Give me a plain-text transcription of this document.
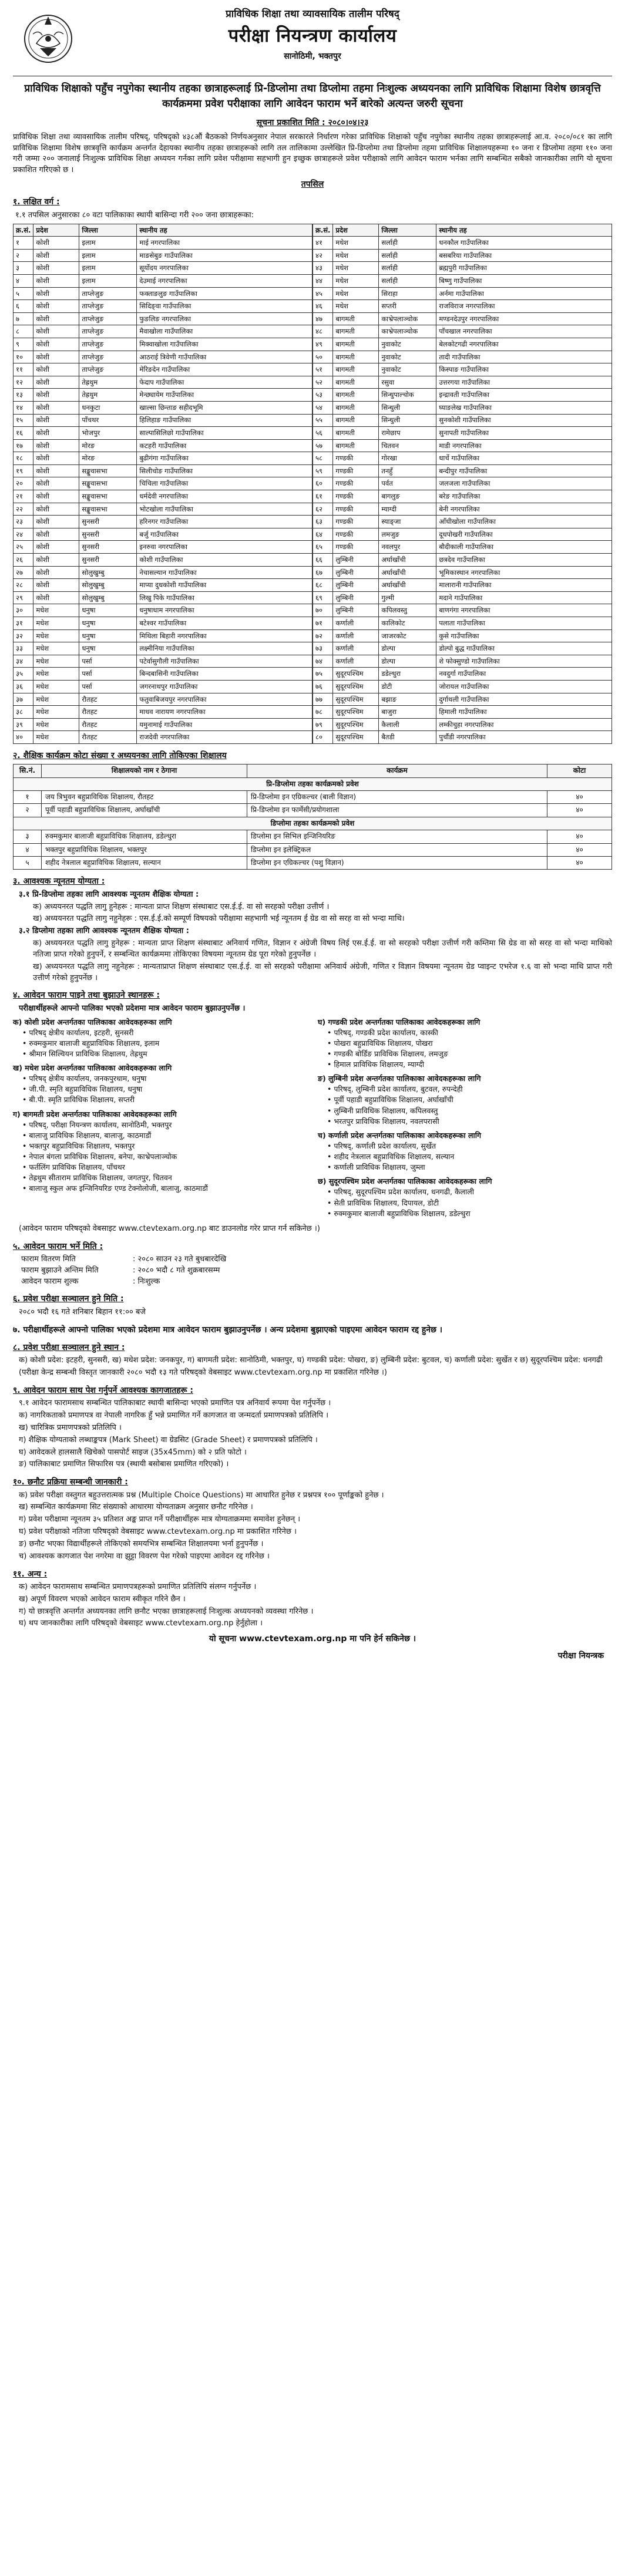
प्राविधिक शिक्षा तथा व्यावसायिक तालीम परिषद्
परीक्षा नियन्त्रण कार्यालय
सानोठिमी, भक्तपुर
प्राविधिक शिक्षाको पहुँच नपुगेका स्थानीय तहका छात्राहरूलाई प्रि-डिप्लोमा तथा डिप्लोमा तहमा निःशुल्क अध्ययनका लागि प्राविधिक शिक्षामा विशेष छात्रवृत्ति कार्यक्रममा प्रवेश परीक्षाका लागि आवेदन फाराम भर्ने बारेको अत्यन्त जरुरी सूचना
सूचना प्रकाशित मिति : २०८०।०४।२३

प्राविधिक शिक्षा तथा व्यावसायिक तालीम परिषद्, परिषद्को ४३८औं बैठकको निर्णयअनुसार नेपाल सरकारले निर्धारण गरेका प्राविधिक शिक्षाको पहुँच नपुगेका स्थानीय तहका छात्राहरूलाई आ.व. २०८०/०८१ का लागि प्राविधिक शिक्षामा विशेष छात्रवृत्ति कार्यक्रम अन्तर्गत देहायका स्थानीय तहका छात्राहरूको लागि तल तालिकामा उल्लेखित प्रि-डिप्लोमा तथा डिप्लोमा तहमा प्राविधिक शिक्षालयहरूमा १० जना र डिप्लोमा तहमा ११० जना गरी जम्मा २०० जनालाई निःशुल्क प्राविधिक शिक्षा अध्ययन गर्नका लागि प्रवेश परीक्षामा सहभागी हुन इच्छुक छात्राहरूले प्रवेश परीक्षाको लागि आवेदन फाराम भर्नका लागि सम्बन्धित सबैको जानकारीका लागि यो सूचना प्रकाशित गरिएको छ ।

तपसिल
१. लक्षित वर्ग :
१.१ तपसिल अनुसारका ८० वटा पालिकाका स्थायी बासिन्दा गरी २०० जना छात्राहरूका:
क्र.सं.	प्रदेश	जिल्ला	स्थानीय तह
१	कोशी	इलाम	माई नगरपालिका
२	कोशी	इलाम	माङसेबुङ गाउँपालिका
३	कोशी	इलाम	सूर्योदय नगरपालिका
४	कोशी	इलाम	देउमाई नगरपालिका
५	कोशी	ताप्लेजुङ	फक्ताङलुङ गाउँपालिका
६	कोशी	ताप्लेजुङ	सिदिङ्वा गाउँपालिका
७	कोशी	ताप्लेजुङ	फुङलिङ नगरपालिका
८	कोशी	ताप्लेजुङ	मैवाखोला गाउँपालिका
९	कोशी	ताप्लेजुङ	मिक्वाखोला गाउँपालिका
१०	कोशी	ताप्लेजुङ	आठराई त्रिवेणी गाउँपालिका
११	कोशी	ताप्लेजुङ	मेरिङदेन गाउँपालिका
१२	कोशी	तेह्रथुम	फेदाप गाउँपालिका
१३	कोशी	तेह्रथुम	मेन्छ्यायेम गाउँपालिका
१४	कोशी	धनकुटा	खाल्सा छिन्ताङ सहीदभूमि
१५	कोशी	पाँचथर	हिलिहाङ गाउँपालिका
१६	कोशी	भोजपुर	साल्पासिलिछो गाउँपालिका
१७	कोशी	मोरङ	कटहरी गाउँपालिका
१८	कोशी	मोरङ	बुढीगंगा गाउँपालिका
१९	कोशी	सङ्खुवासभा	सिलीचोङ गाउँपालिका
२०	कोशी	सङ्खुवासभा	चिचिला गाउँपालिका
२१	कोशी	सङ्खुवासभा	धर्मदेवी नगरपालिका
२२	कोशी	सङ्खुवासभा	भोटखोला गाउँपालिका
२३	कोशी	सुनसरी	हरिनगर गाउँपालिका
२४	कोशी	सुनसरी	बर्जु गाउँपालिका
२५	कोशी	सुनसरी	इनरुवा नगरपालिका
२६	कोशी	सुनसरी	कोशी गाउँपालिका
२७	कोशी	सोलुखुम्बु	नेचासल्यान गाउँपालिका
२८	कोशी	सोलुखुम्बु	माप्या दुधकोशी गाउँपालिका
२९	कोशी	सोलुखुम्बु	लिखु पिके गाउँपालिका
३०	मधेश	धनुषा	धनुषाधाम नगरपालिका
३१	मधेश	धनुषा	बटेश्वर गाउँपालिका
३२	मधेश	धनुषा	मिथिला बिहारी नगरपालिका
३३	मधेश	धनुषा	लक्ष्मीनिया गाउँपालिका
३४	मधेश	पर्सा	पटेर्वासुगौली गाउँपालिका
३५	मधेश	पर्सा	बिन्दबासिनी गाउँपालिका
३६	मधेश	पर्सा	जगरनाथपुर गाउँपालिका
३७	मधेश	रौतहट	फतुवाबिजयपुर नगरपालिका
३८	मधेश	रौतहट	माधव नारायण नगरपालिका
३९	मधेश	रौतहट	यमुनामाई गाउँपालिका
४०	मधेश	रौतहट	राजदेवी नगरपालिका
क्र.सं.	प्रदेश	जिल्ला	स्थानीय तह
४१	मधेश	सर्लाही	धनकौल गाउँपालिका
४२	मधेश	सर्लाही	बसबरिया गाउँपालिका
४३	मधेश	सर्लाही	ब्रह्मपुरी गाउँपालिका
४४	मधेश	सर्लाही	बिष्णु गाउँपालिका
४५	मधेश	सिराहा	अर्नमा गाउँपालिका
४६	मधेश	सप्तरी	राजविराज नगरपालिका
४७	बागमती	काभ्रेपलाञ्चोक	मण्डनदेउपुर नगरपालिका
४८	बागमती	काभ्रेपलाञ्चोक	पाँचखाल नगरपालिका
४९	बागमती	नुवाकोट	बेलकोटगढी नगरपालिका
५०	बागमती	नुवाकोट	तादी गाउँपालिका
५१	बागमती	नुवाकोट	किस्पाङ गाउँपालिका
५२	बागमती	रसुवा	उत्तरगया गाउँपालिका
५३	बागमती	सिन्धुपाल्चोक	इन्द्रावती गाउँपालिका
५४	बागमती	सिन्धुली	घ्याङलेख गाउँपालिका
५५	बागमती	सिन्धुली	सुनकोशी गाउँपालिका
५६	बागमती	रामेछाप	सुनापती गाउँपालिका
५७	बागमती	चितवन	माडी नगरपालिका
५८	गण्डकी	गोरखा	धार्चे गाउँपालिका
५९	गण्डकी	तनहुँ	बन्दीपुर गाउँपालिका
६०	गण्डकी	पर्वत	जलजला गाउँपालिका
६१	गण्डकी	बागलुङ	बरेङ गाउँपालिका
६२	गण्डकी	म्याग्दी	बेनी नगरपालिका
६३	गण्डकी	स्याङ्जा	आँधीखोला गाउँपालिका
६४	गण्डकी	लमजुङ	दूधपोखरी गाउँपालिका
६५	गण्डकी	नवलपुर	बौदीकाली गाउँपालिका
६६	लुम्बिनी	अर्घाखाँची	छत्रदेव गाउँपालिका
६७	लुम्बिनी	अर्घाखाँची	भूमिकास्थान नगरपालिका
६८	लुम्बिनी	अर्घाखाँची	मालारानी गाउँपालिका
६९	लुम्बिनी	गुल्मी	मदाने गाउँपालिका
७०	लुम्बिनी	कपिलवस्तु	बाणगंगा नगरपालिका
७१	कर्णाली	कालिकोट	पलाता गाउँपालिका
७२	कर्णाली	जाजरकोट	कुसे गाउँपालिका
७३	कर्णाली	डोल्पा	डोल्पो बुद्ध गाउँपालिका
७४	कर्णाली	डोल्पा	शे फोक्सुण्डो गाउँपालिका
७५	सुदूरपश्चिम	डडेल्धुरा	नवदुर्गा गाउँपालिका
७६	सुदूरपश्चिम	डोटी	जोरायल गाउँपालिका
७७	सुदूरपश्चिम	बझाङ	दुर्गाथली गाउँपालिका
७८	सुदूरपश्चिम	बाजुरा	हिमाली गाउँपालिका
७९	सुदूरपश्चिम	कैलाली	लम्कीचुहा नगरपालिका
८०	सुदूरपश्चिम	बैतडी	पुर्चौडी नगरपालिका
२. शैक्षिक कार्यक्रम कोटा संख्या र अध्ययनका लागि तोकिएका शिक्षालय
सि.नं.	शिक्षालयको नाम र ठेगाना	कार्यक्रम	कोटा
प्रि-डिप्लोमा तहका कार्यक्रमको प्रवेश			
१	जय त्रिभुवन बहुप्राविधिक शिक्षालय, रौतहट	प्रि-डिप्लोमा इन एग्रिकल्चर (बाली विज्ञान)	४०
२	पूर्वी पहाडी बहुप्राविधिक शिक्षालय, अर्घाखाँची	प्रि-डिप्लोमा इन फार्मेसी/प्रयोगशाला	४०
डिप्लोमा तहका कार्यक्रमको प्रवेश			
३	रुक्मकुमार बालाजी बहुप्राविधिक शिक्षालय, डडेल्धुरा	डिप्लोमा इन सिभिल इन्जिनियरिङ	४०
४	भक्तपुर बहुप्राविधिक शिक्षालय, भक्तपुर	डिप्लोमा इन इलेक्ट्रिकल	४०
५	शहीद नेत्रलाल बहुप्राविधिक शिक्षालय, सल्यान	डिप्लोमा इन एग्रिकल्चर (पशु विज्ञान)	४०
३. आवश्यक न्यूनतम योग्यता :
३.१ प्रि-डिप्लोमा तहका लागि आवश्यक न्यूनतम शैक्षिक योग्यता :
क) अध्ययनरत पद्धति लागु हुनेहरू : मान्यता प्राप्त शिक्षण संस्थाबाट एस.ई.ई. वा सो सरहको परीक्षा उत्तीर्ण ।
ख) अध्ययनरत पद्धति लागु नहुनेहरू : एस.ई.ई.को सम्पूर्ण विषयको परीक्षामा सहभागी भई न्यूनतम ई ग्रेड वा सो सरह वा सो भन्दा माथि।
३.२ डिप्लोमा तहका लागि आवश्यक न्यूनतम शैक्षिक योग्यता :
क) अध्ययनरत पद्धति लागु हुनेहरू : मान्यता प्राप्त शिक्षण संस्थाबाट अनिवार्य गणित, विज्ञान र अंग्रेजी विषय लिई एस.ई.ई. वा सो सरहको परीक्षा उत्तीर्ण गरी कम्तिमा सि ग्रेड वा सो सरह वा सो भन्दा माथिको नतिजा प्राप्त गरेको हुनुपर्ने, र सम्बन्धित कार्यक्रममा तोकिएका विषयमा न्यूनतम ग्रेड पूरा गरेको हुनुपर्नेछ ।
ख) अध्ययनरत पद्धति लागु नहुनेहरू : मान्यताप्राप्त शिक्षण संस्थाबाट एस.ई.ई. वा सो सरहको परीक्षामा अनिवार्य अंग्रेजी, गणित र विज्ञान विषयमा न्यूनतम ग्रेड प्वाइन्ट एभरेज १.६ वा सो भन्दा माथि प्राप्त गरी उत्तीर्ण गरेको हुनुपर्नेछ ।
४. आवेदन फाराम पाइने तथा बुझाउने स्थानहरू :
परीक्षार्थीहरूले आफ्नो पालिका भएको प्रदेशमा मात्र आवेदन फाराम बुझाउनुपर्नेछ ।
क) कोशी प्रदेश अन्तर्गतका पालिकाका आवेदकहरूका लागि
• परिषद् क्षेत्रीय कार्यालय, इटहरी, सुनसरी
• रुक्मकुमार बालाजी बहुप्राविधिक शिक्षालय, इलाम
• श्रीमान सिल्वियन प्राविधिक शिक्षालय, तेह्रथुम
ख) मधेश प्रदेश अन्तर्गतका पालिकाका आवेदकहरूका लागि
• परिषद् क्षेत्रीय कार्यालय, जनकपुरधाम, धनुषा
• जी.पी. स्मृति बहुप्राविधिक शिक्षालय, धनुषा
• बी.पी. स्मृति प्राविधिक शिक्षालय, सप्तरी
ग) बागमती प्रदेश अन्तर्गतका पालिकाका आवेदकहरूका लागि
• परिषद्, परीक्षा नियन्त्रण कार्यालय, सानोठिमी, भक्तपुर
• बालाजु प्राविधिक शिक्षालय, बालाजु, काठमाडौं
• भक्तपुर बहुप्राविधिक शिक्षालय, भक्तपुर
• नेपाल बंगला प्राविधिक शिक्षालय, बनेपा, काभ्रेपलाञ्चोक
• फर्तलिंग प्राविधिक शिक्षालय, पाँचथर
• तेह्रथुम सीताराम प्राविधिक शिक्षालय, जगतपुर, चितवन
• बालाजु स्कुल अफ इन्जिनियरिङ एण्ड टेक्नोलोजी, बालाजु, काठमाडौं
घ) गण्डकी प्रदेश अन्तर्गतका पालिकाका आवेदकहरूका लागि
• परिषद्, गण्डकी प्रदेश कार्यालय, कास्की
• पोखरा बहुप्राविधिक शिक्षालय, पोखरा
• गण्डकी बोर्डिङ प्राविधिक शिक्षालय, लमजुङ
• हिमाल प्राविधिक शिक्षालय, म्याग्दी
ङ) लुम्बिनी प्रदेश अन्तर्गतका पालिकाका आवेदकहरूका लागि
• परिषद्, लुम्बिनी प्रदेश कार्यालय, बुटवल, रुपन्देही
• पूर्वी पहाडी बहुप्राविधिक शिक्षालय, अर्घाखाँची
• लुम्बिनी प्राविधिक शिक्षालय, कपिलवस्तु
• भरतपुर प्राविधिक शिक्षालय, नवलपरासी
च) कर्णाली प्रदेश अन्तर्गतका पालिकाका आवेदकहरूका लागि
• परिषद्, कर्णाली प्रदेश कार्यालय, सुर्खेत
• शहीद नेत्रलाल बहुप्राविधिक शिक्षालय, सल्यान
• कर्णाली प्राविधिक शिक्षालय, जुम्ला
छ) सुदूरपश्चिम प्रदेश अन्तर्गतका पालिकाका आवेदकहरूका लागि
• परिषद्, सुदूरपश्चिम प्रदेश कार्यालय, धनगढी, कैलाली
• सेती प्राविधिक शिक्षालय, दिपायल, डोटी
• रुक्मकुमार बालाजी बहुप्राविधिक शिक्षालय, डडेल्धुरा
(आवेदन फाराम परिषद्को वेबसाइट www.ctevtexam.org.np बाट डाउनलोड गरेर प्राप्त गर्न सकिनेछ ।)
५. आवेदन फाराम भर्ने मिति :
फाराम वितरण मिति	: २०८० साउन २३ गते बुधबारदेखि
फाराम बुझाउने अन्तिम मिति	: २०८० भदौ ८ गते शुक्रबारसम्म
आवेदन फाराम शुल्क	: निःशुल्क
६. प्रवेश परीक्षा सञ्चालन हुने मिति :
२०८० भदौ १६ गते शनिबार बिहान ११:०० बजे
७. परीक्षार्थीहरूले आफ्नो पालिका भएको प्रदेशमा मात्र आवेदन फाराम बुझाउनुपर्नेछ । अन्य प्रदेशमा बुझाएको पाइएमा आवेदन फाराम रद्द हुनेछ ।
८. प्रवेश परीक्षा सञ्चालन हुने स्थान :
क) कोशी प्रदेश: इटहरी, सुनसरी, ख) मधेश प्रदेश: जनकपुर, ग) बागमती प्रदेश: सानोठिमी, भक्तपुर, घ) गण्डकी प्रदेश: पोखरा, ङ) लुम्बिनी प्रदेश: बुटवल, च) कर्णाली प्रदेश: सुर्खेत र छ) सुदूरपश्चिम प्रदेश: धनगढी
(परीक्षा केन्द्र सम्बन्धी विस्तृत जानकारी २०८० भदौ १३ गते परिषद्को वेबसाइट www.ctevtexam.org.np मा प्रकाशित गरिनेछ ।)
९. आवेदन फाराम साथ पेश गर्नुपर्ने आवश्यक कागजातहरू :
९.१ आवेदन फारामसाथ सम्बन्धित पालिकाबाट स्थायी बासिन्दा भएको प्रमाणित पत्र अनिवार्य रूपमा पेश गर्नुपर्नेछ ।
क) नागरिकताको प्रमाणपत्र वा नेपाली नागरिक हुँ भन्ने प्रमाणित गर्ने कागजात वा जन्मदर्ता प्रमाणपत्रको प्रतिलिपि ।
ख) चारित्रिक प्रमाणपत्रको प्रतिलिपि ।
ग) शैक्षिक योग्यताको लब्धाङ्कपत्र (Mark Sheet) वा ग्रेडसिट (Grade Sheet) र प्रमाणपत्रको प्रतिलिपि ।
घ) आवेदकले हालसालै खिचेको पासपोर्ट साइज (35x45mm) को २ प्रति फोटो ।
ङ) पालिकाबाट प्रमाणित सिफारिस पत्र (स्थायी बसोबास प्रमाणित गरिएको) ।
१०. छनौट प्रक्रिया सम्बन्धी जानकारी :
क) प्रवेश परीक्षा वस्तुगत बहुउत्तरात्मक प्रश्न (Multiple Choice Questions) मा आधारित हुनेछ र प्रश्नपत्र १०० पूर्णाङ्कको हुनेछ ।
ख) सम्बन्धित कार्यक्रममा सिट संख्याको आधारमा योग्यताक्रम अनुसार छनौट गरिनेछ ।
ग) प्रवेश परीक्षामा न्यूनतम ३५ प्रतिशत अङ्क प्राप्त गर्ने परीक्षार्थीहरू मात्र योग्यताक्रममा समावेश हुनेछन् ।
घ) प्रवेश परीक्षाको नतिजा परिषद्को वेबसाइट www.ctevtexam.org.np मा प्रकाशित गरिनेछ ।
ङ) छनौट भएका विद्यार्थीहरूले तोकिएको समयभित्र सम्बन्धित शिक्षालयमा भर्ना हुनुपर्नेछ ।
च) आवश्यक कागजात पेश नगरेमा वा झुट्टा विवरण पेश गरेको पाइएमा आवेदन रद्द गरिनेछ ।
११. अन्य :
क) आवेदन फारामसाथ सम्बन्धित प्रमाणपत्रहरूको प्रमाणित प्रतिलिपि संलग्न गर्नुपर्नेछ ।
ख) अपूर्ण विवरण भएको आवेदन फाराम स्वीकृत गरिने छैन ।
ग) यो छात्रवृत्ति अन्तर्गत अध्ययनका लागि छनौट भएका छात्राहरूलाई निःशुल्क अध्ययनको व्यवस्था गरिनेछ ।
घ) थप जानकारीका लागि परिषद्को वेबसाइट www.ctevtexam.org.np हेर्नुहोला ।
यो सूचना www.ctevtexam.org.np मा पनि हेर्न सकिनेछ ।
परीक्षा नियन्त्रक
